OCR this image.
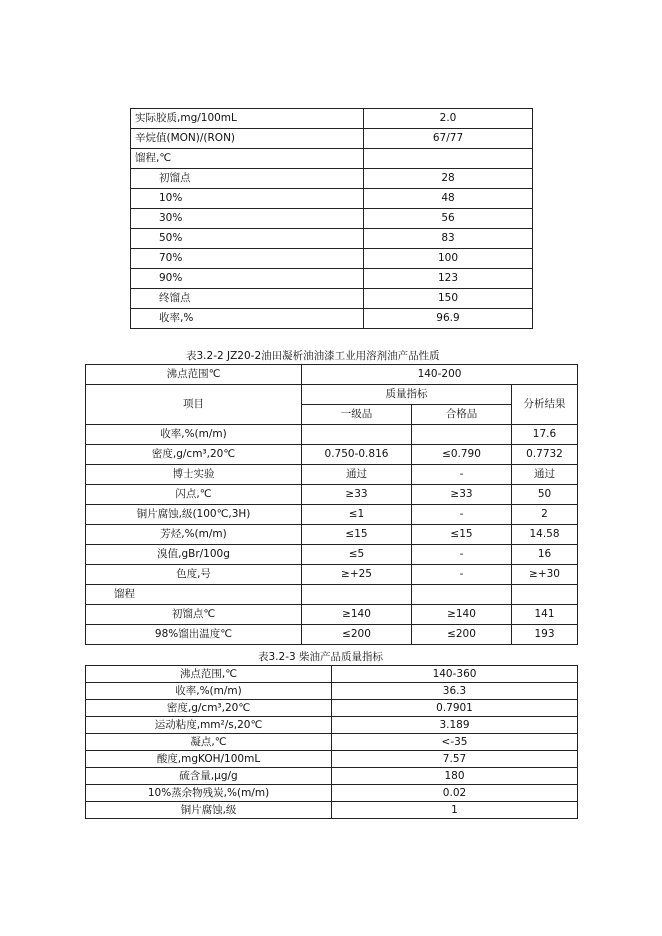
实际胶质,mg/100mL	2.0
辛烷值(MON)/(RON)	67/77
馏程,℃	
初馏点	28
10%	48
30%	56
50%	83
70%	100
90%	123
终馏点	150
收率,%	96.9
表3.2-2 JZ20-2油田凝析油油漆工业用溶剂油产品性质
沸点范围℃	140-200		
项目	质量指标		分析结果
	一级品	合格品	
收率,%(m/m)			17.6
密度,g/cm³,20℃	0.750-0.816	≤0.790	0.7732
博士实验	通过	-	通过
闪点,℃	≥33	≥33	50
铜片腐蚀,级(100℃,3H)	≤1	-	2
芳烃,%(m/m)	≤15	≤15	14.58
溴值,gBr/100g	≤5	-	16
色度,号	≥+25	-	≥+30
馏程			
初馏点℃	≥140	≥140	141
98%馏出温度℃	≤200	≤200	193
表3.2-3 柴油产品质量指标
沸点范围,℃	140-360
收率,%(m/m)	36.3
密度,g/cm³,20℃	0.7901
运动粘度,mm²/s,20℃	3.189
凝点,℃	<-35
酸度,mgKOH/100mL	7.57
硫含量,μg/g	180
10%蒸余物残炭,%(m/m)	0.02
铜片腐蚀,级	1
